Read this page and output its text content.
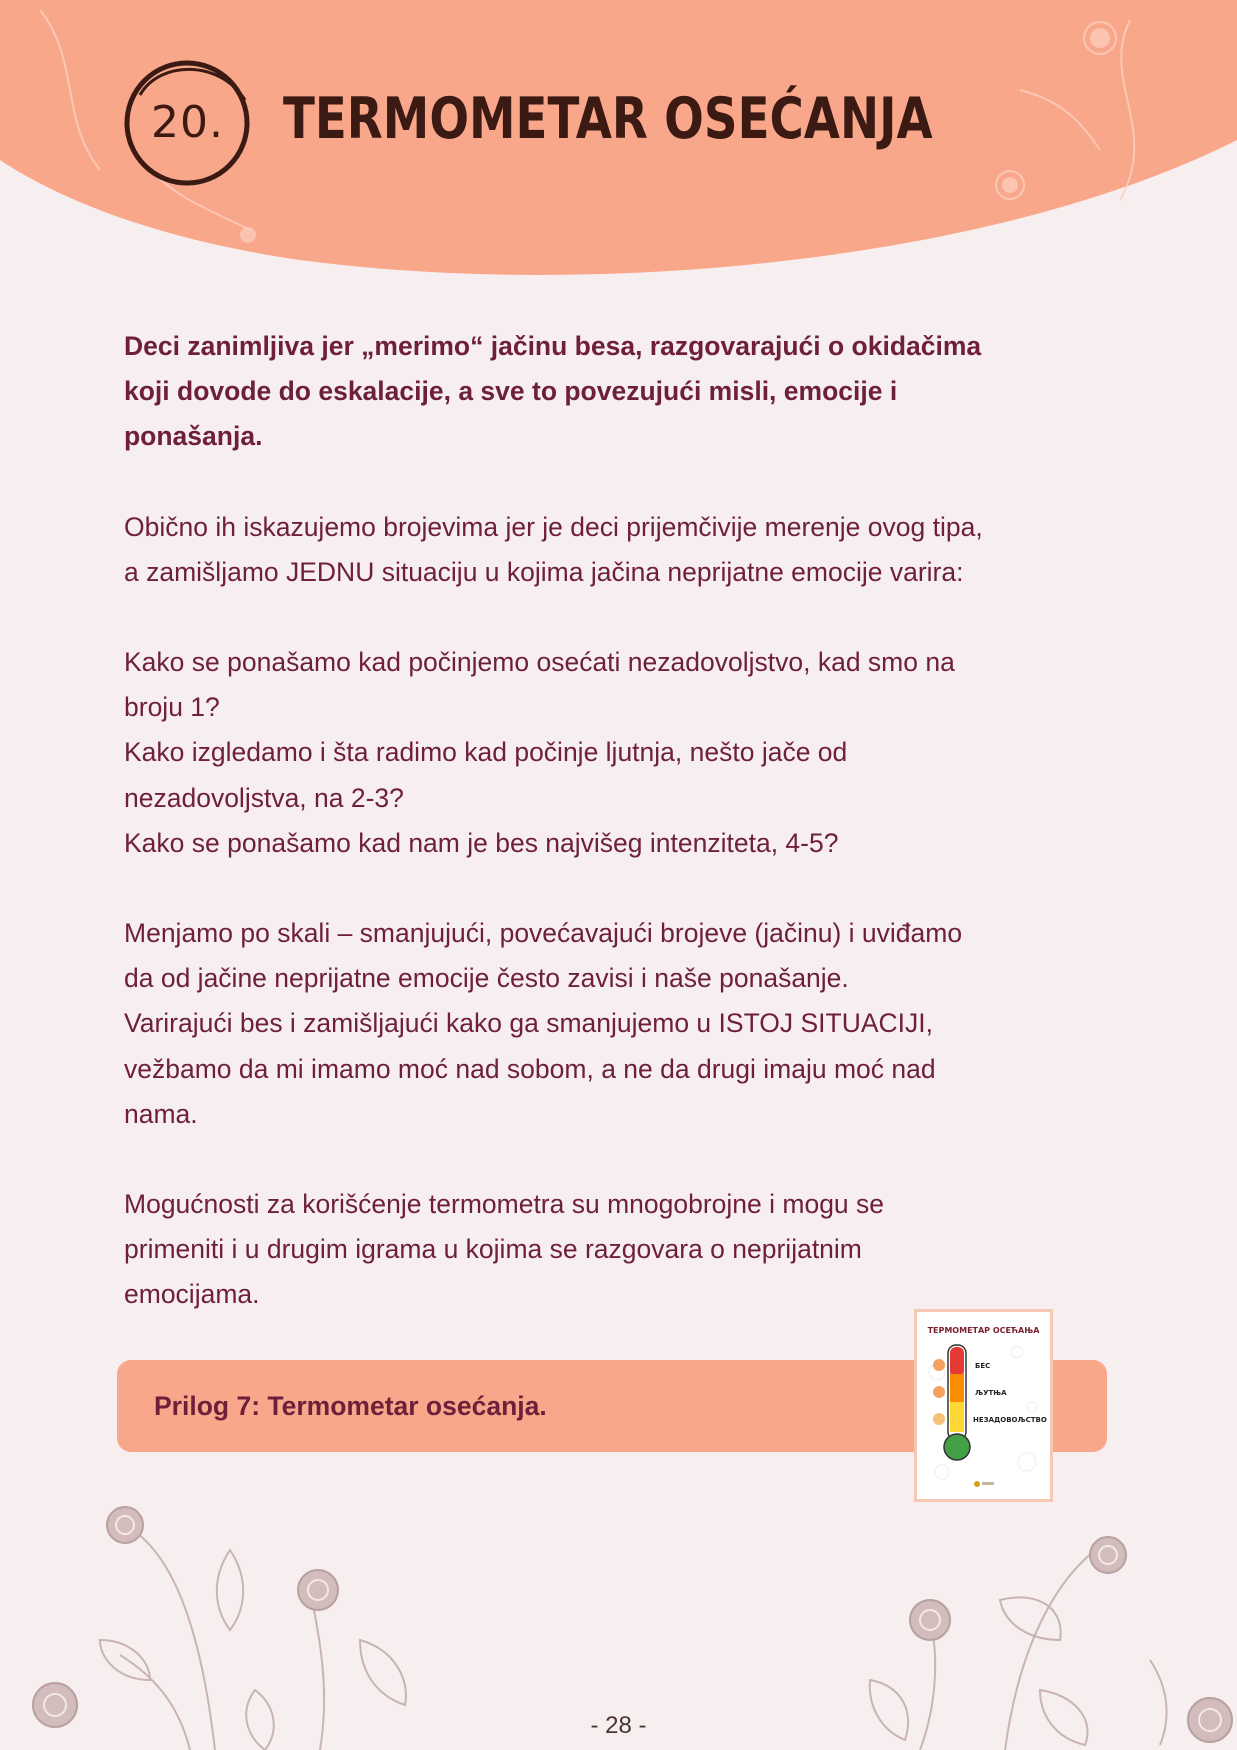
20.	TERMOMETAR OSEĆANJA
Deci zanimljiva jer „merimo“ jačinu besa, razgovarajući o okidačima
koji dovode do eskalacije, a sve to povezujući misli, emocije i
ponašanja.
Obično ih iskazujemo brojevima jer je deci prijemčivije merenje ovog tipa,
a zamišljamo JEDNU situaciju u kojima jačina neprijatne emocije varira:
Kako se ponašamo kad počinjemo osećati nezadovoljstvo, kad smo na
broju 1?
Kako izgledamo i šta radimo kad počinje ljutnja, nešto jače od
nezadovoljstva, na 2-3?
Kako se ponašamo kad nam je bes najvišeg intenziteta, 4-5?
Menjamo po skali – smanjujući, povećavajući brojeve (jačinu) i uviđamo
da od jačine neprijatne emocije često zavisi i naše ponašanje.
Varirajući bes i zamišljajući kako ga smanjujemo u ISTOJ SITUACIJI,
vežbamo da mi imamo moć nad sobom, a ne da drugi imaju moć nad
nama.
Mogućnosti za korišćenje termometra su mnogobrojne i mogu se
primeniti i u drugim igrama u kojima se razgovara o neprijatnim
emocijama.
Prilog 7: Termometar osećanja.
ТЕРМОМЕТАР ОСЕЋАЊА
БЕС
ЉУТЊА
НЕЗАДОВОЉСТВО
- 28 -
